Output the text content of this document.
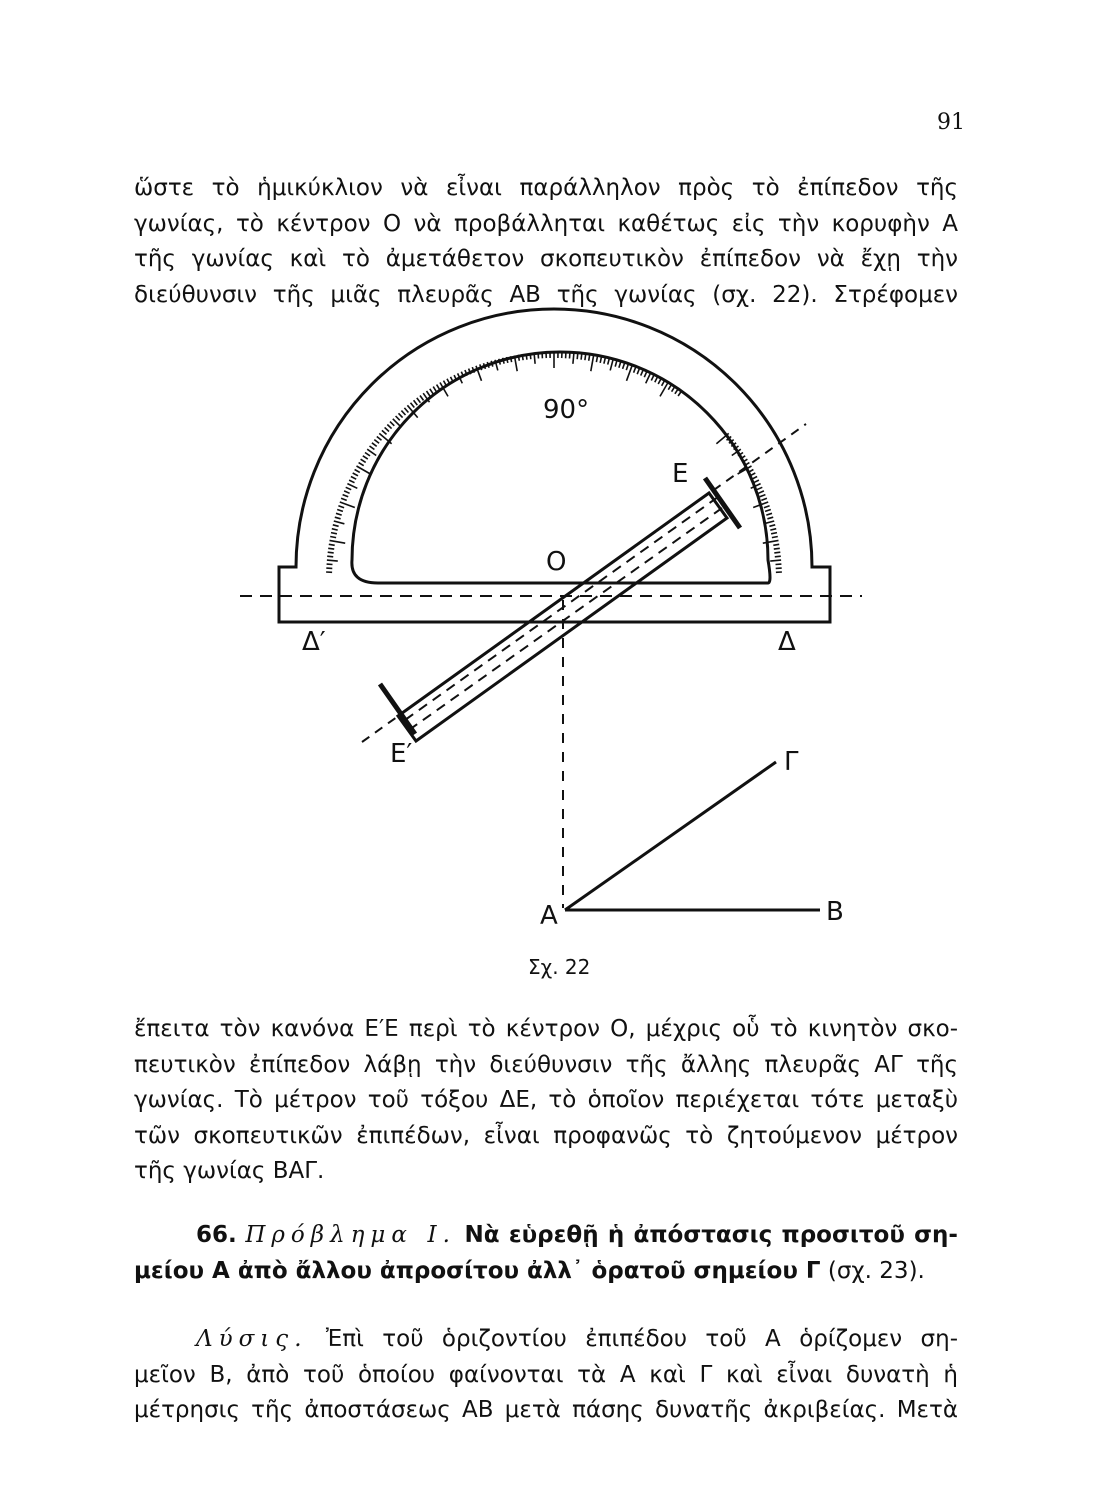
91
ὥστε τὸ ἡμικύκλιον νὰ εἶναι παράλληλον πρὸς τὸ ἐπίπεδον τῆς
γωνίας, τὸ κέντρον Ο νὰ προβάλληται καθέτως εἰς τὴν κορυφὴν Α
τῆς γωνίας καὶ τὸ ἀμετάθετον σκοπευτικὸν ἐπίπεδον νὰ ἔχῃ τὴν
διεύθυνσιν τῆς μιᾶς πλευρᾶς ΑΒ τῆς γωνίας (σχ. 22). Στρέφομεν
90°
Ε
Ο
Δ′	Δ
Ε′	Γ
Α	Β
Σχ. 22
ἔπειτα τὸν κανόνα Ε′Ε περὶ τὸ κέντρον Ο, μέχρις οὗ τὸ κινητὸν σκο-
πευτικὸν ἐπίπεδον λάβῃ τὴν διεύθυνσιν τῆς ἄλλης πλευρᾶς ΑΓ τῆς
γωνίας. Τὸ μέτρον τοῦ τόξου ΔΕ, τὸ ὁποῖον περιέχεται τότε μεταξὺ
τῶν σκοπευτικῶν ἐπιπέδων, εἶναι προφανῶς τὸ ζητούμενον μέτρον
τῆς γωνίας ΒΑΓ.
66. Πρόβλημα Ι. Νὰ εὑρεθῇ ἡ ἀπόστασις προσιτοῦ ση-
μείου Α ἀπὸ ἄλλου ἀπροσίτου ἀλλ᾽ ὁρατοῦ σημείου Γ (σχ. 23).
Λύσις. Ἐπὶ τοῦ ὁριζοντίου ἐπιπέδου τοῦ Α ὁρίζομεν ση-
μεῖον Β, ἀπὸ τοῦ ὁποίου φαίνονται τὰ Α καὶ Γ καὶ εἶναι δυνατὴ ἡ
μέτρησις τῆς ἀποστάσεως ΑΒ μετὰ πάσης δυνατῆς ἀκριβείας. Μετὰ
